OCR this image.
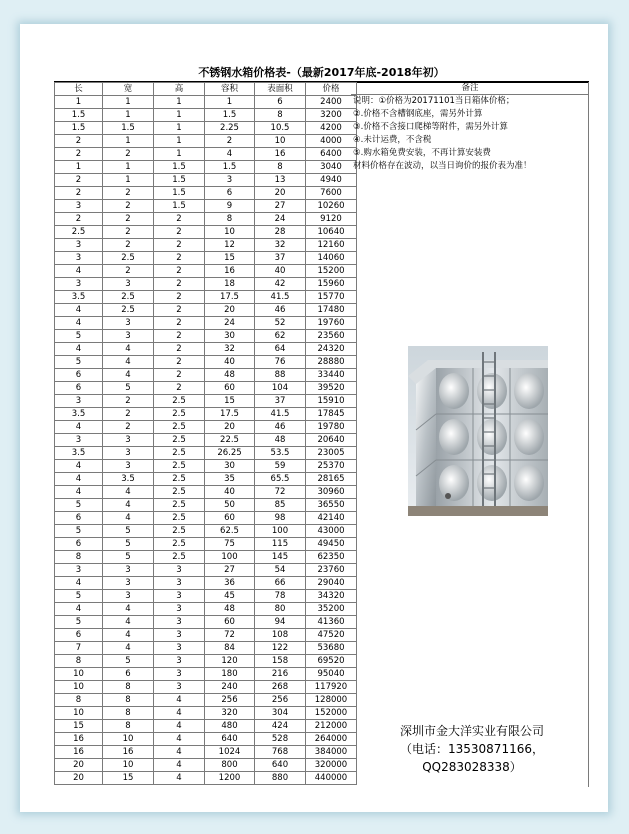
不锈钢水箱价格表-（最新2017年底-2018年初）
长	宽	高	容积	表面积	价格
1	1	1	1	6	2400
1.5	1	1	1.5	8	3200
1.5	1.5	1	2.25	10.5	4200
2	1	1	2	10	4000
2	2	1	4	16	6400
1	1	1.5	1.5	8	3040
2	1	1.5	3	13	4940
2	2	1.5	6	20	7600
3	2	1.5	9	27	10260
2	2	2	8	24	9120
2.5	2	2	10	28	10640
3	2	2	12	32	12160
3	2.5	2	15	37	14060
4	2	2	16	40	15200
3	3	2	18	42	15960
3.5	2.5	2	17.5	41.5	15770
4	2.5	2	20	46	17480
4	3	2	24	52	19760
5	3	2	30	62	23560
4	4	2	32	64	24320
5	4	2	40	76	28880
6	4	2	48	88	33440
6	5	2	60	104	39520
3	2	2.5	15	37	15910
3.5	2	2.5	17.5	41.5	17845
4	2	2.5	20	46	19780
3	3	2.5	22.5	48	20640
3.5	3	2.5	26.25	53.5	23005
4	3	2.5	30	59	25370
4	3.5	2.5	35	65.5	28165
4	4	2.5	40	72	30960
5	4	2.5	50	85	36550
6	4	2.5	60	98	42140
5	5	2.5	62.5	100	43000
6	5	2.5	75	115	49450
8	5	2.5	100	145	62350
3	3	3	27	54	23760
4	3	3	36	66	29040
5	3	3	45	78	34320
4	4	3	48	80	35200
5	4	3	60	94	41360
6	4	3	72	108	47520
7	4	3	84	122	53680
8	5	3	120	158	69520
10	6	3	180	216	95040
10	8	3	240	268	117920
8	8	4	256	256	128000
10	8	4	320	304	152000
15	8	4	480	424	212000
16	10	4	640	528	264000
16	16	4	1024	768	384000
20	10	4	800	640	320000
20	15	4	1200	880	440000
备注
说明：①价格为20171101当日箱体价格；
②.价格不含槽钢底座，需另外计算
③.价格不含接口爬梯等附件，需另外计算
④.未计运费，不含税
⑤.购水箱免费安装，不再计算安装费
材料价格存在波动，以当日询价的报价表为准！
深圳市金大洋实业有限公司
（电话：13530871166，
QQ283028338）
